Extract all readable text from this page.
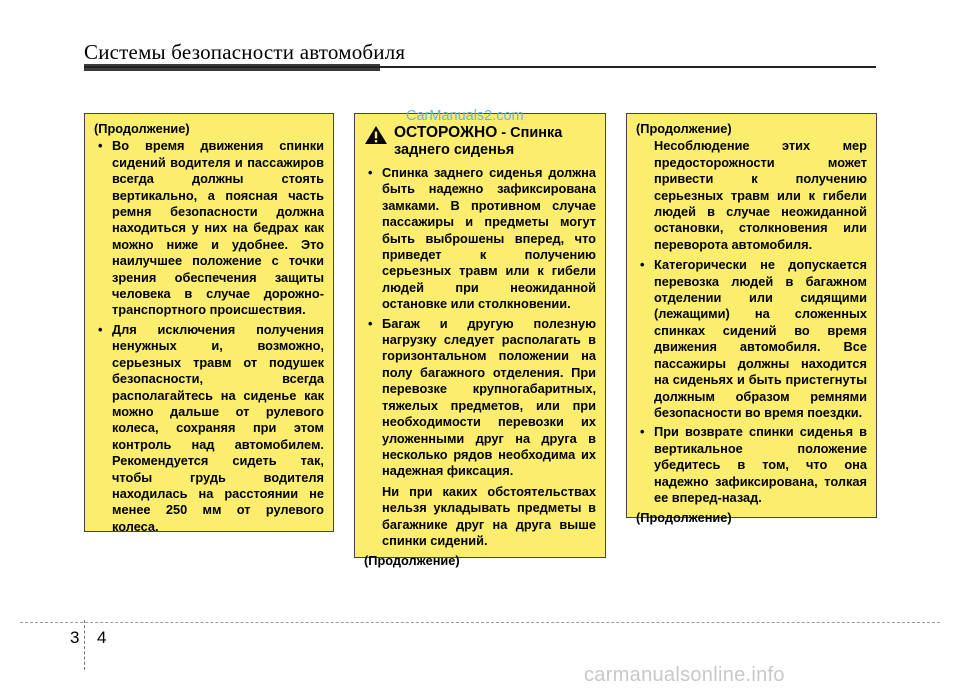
Системы безопасности автомобиля

(Продолжение)

• Во время движения спинки сидений водителя и пассажиров всегда должны стоять вертикально, а поясная часть ремня безопасности должна находиться у них на бедрах как можно ниже и удобнее. Это наилучшее положение с точки зрения обеспечения защиты человека в случае дорожно-транспортного происшествия.
• Для исключения получения ненужных и, возможно, серьезных травм от подушек безопасности, всегда располагайтесь на сиденье как можно дальше от рулевого колеса, сохраняя при этом контроль над автомобилем. Рекомендуется сидеть так, чтобы грудь водителя находилась на расстоянии не менее 250 мм от рулевого колеса.
ОСТОРОЖНО - Спинка заднего сиденья
• Спинка заднего сиденья должна быть надежно зафиксирована замками. В противном случае пассажиры и предметы могут быть выброшены вперед, что приведет к получению серьезных травм или к гибели людей при неожиданной остановке или столкновении.
• Багаж и другую полезную нагрузку следует располагать в горизонтальном положении на полу багажного отделения. При перевозке крупногабаритных, тяжелых предметов, или при необходимости перевозки их уложенными друг на друга в несколько рядов необходима их надежная фиксация.

Ни при каких обстоятельствах нельзя укладывать предметы в багажнике друг на друга выше спинки сидений.

(Продолжение)

(Продолжение)

Несоблюдение этих мер предосторожности может привести к получению серьезных травм или к гибели людей в случае неожиданной остановки, столкновения или переворота автомобиля.

• Категорически не допускается перевозка людей в багажном отделении или сидящими (лежащими) на сложенных спинках сидений во время движения автомобиля. Все пассажиры должны находится на сиденьях и быть пристегнуты должным образом ремнями безопасности во время поездки.
• При возврате спинки сиденья в вертикальное положение убедитесь в том, что она надежно зафиксирована, толкая ее вперед-назад.

(Продолжение)

CarManuals2.com
3 4
carmanualsonline.info
